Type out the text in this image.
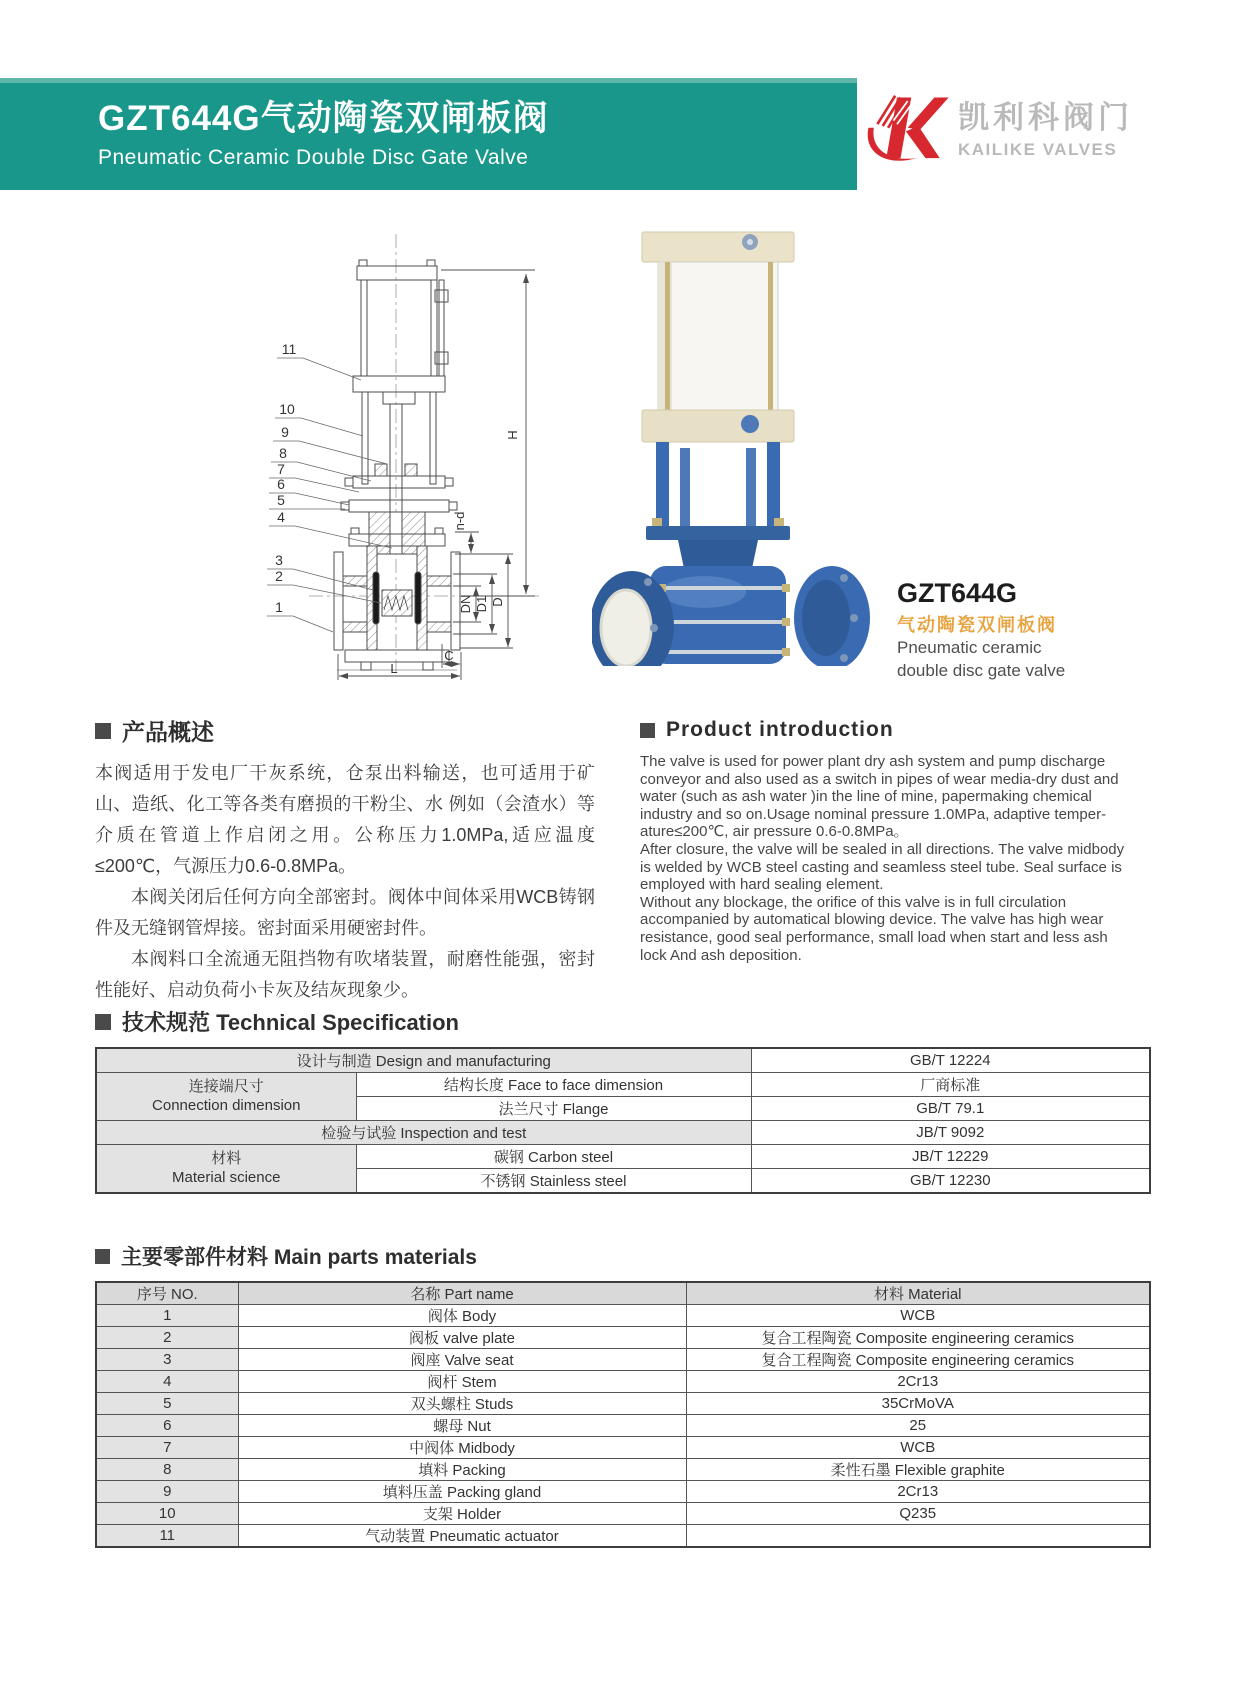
GZT644G气动陶瓷双闸板阀
Pneumatic Ceramic Double Disc Gate Valve
凯利科阀门
KAILIKE VALVES
H
n-d
DN D1 D
L
C
11
10
9
8
7
6
5
4
3
2
1	GZT644G
气动陶瓷双闸板阀
Pneumatic ceramic
double disc gate valve
产品概述

本阀适用于发电厂干灰系统，仓泵出料输送，也可适用于矿山、造纸、化工等各类有磨损的干粉尘、水 例如（会渣水）等介质在管道上作启闭之用。公称压力1.0MPa,适应温度≤200℃，气源压力0.6-0.8MPa。

本阀关闭后任何方向全部密封。阀体中间体采用WCB铸钢件及无缝钢管焊接。密封面采用硬密封件。

本阀料口全流通无阻挡物有吹堵装置，耐磨性能强，密封性能好、启动负荷小卡灰及结灰现象少。

Product introduction

The valve is used for power plant dry ash system and pump discharge conveyor and also used as a switch in pipes of wear media-dry dust and water (such as ash water )in the line of mine, papermaking chemical industry and so on.Usage nominal pressure 1.0MPa, adaptive temper-ature≤200℃, air pressure 0.6-0.8MPa。

After closure, the valve will be sealed in all directions. The valve midbody is welded by WCB steel casting and seamless steel tube. Seal surface is employed with hard sealing element.

Without any blockage, the orifice of this valve is in full circulation accompanied by automatical blowing device. The valve has high wear resistance, good seal performance, small load when start and less ash lock And ash deposition.

技术规范 Technical Specification
设计与制造 Design and manufacturing		GB/T 12224

连接端尺寸
Connection dimension	结构长度 Face to face dimension	厂商标准
	法兰尺寸 Flange	GB/T 79.1
检验与试验 Inspection and test		JB/T 9092

材料
Material science	碳钢 Carbon steel	JB/T 12229
	不锈钢 Stainless steel	GB/T 12230
主要零部件材料 Main parts materials
序号 NO.	名称 Part name	材料 Material
1	阀体 Body	WCB
2	阀板 valve plate	复合工程陶瓷 Composite engineering ceramics
3	阀座 Valve seat	复合工程陶瓷 Composite engineering ceramics
4	阀杆 Stem	2Cr13
5	双头螺柱 Studs	35CrMoVA
6	螺母 Nut	25
7	中阀体 Midbody	WCB
8	填料 Packing	柔性石墨 Flexible graphite
9	填料压盖 Packing gland	2Cr13
10	支架 Holder	Q235
11	气动装置 Pneumatic actuator	
